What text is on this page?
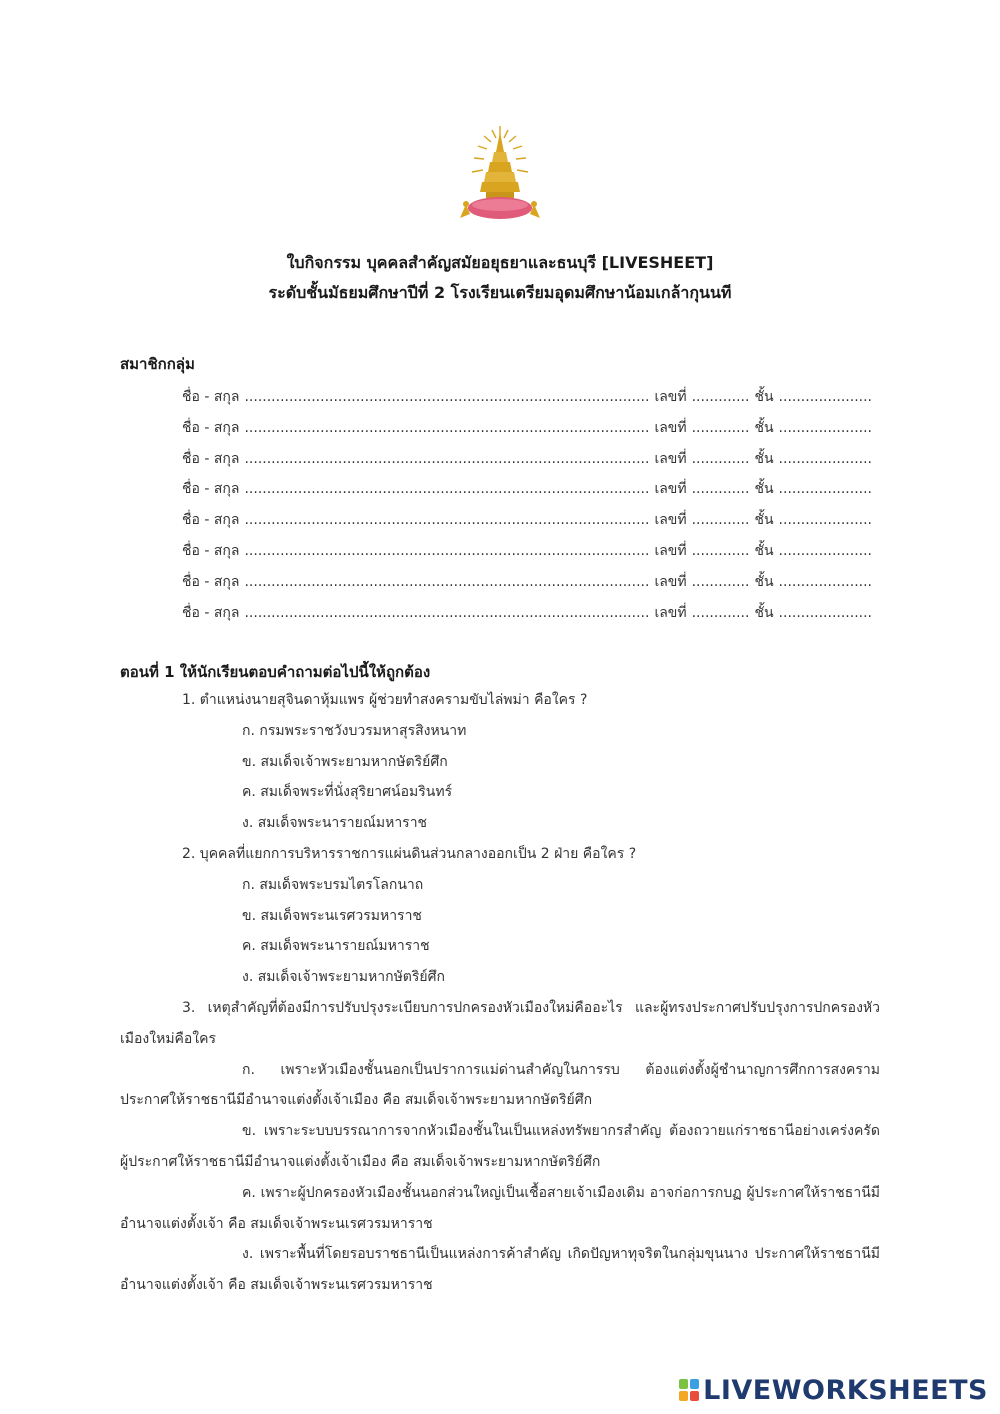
ใบกิจกรรม บุคคลสำคัญสมัยอยุธยาและธนบุรี [LIVESHEET]
ระดับชั้นมัธยมศึกษาปีที่ 2 โรงเรียนเตรียมอุดมศึกษาน้อมเกล้ากุนนที
สมาชิกกลุ่ม
ชื่อ - สกุล ........................................................................................... เลขที่ ............. ชั้น .....................
ชื่อ - สกุล ........................................................................................... เลขที่ ............. ชั้น .....................
ชื่อ - สกุล ........................................................................................... เลขที่ ............. ชั้น .....................
ชื่อ - สกุล ........................................................................................... เลขที่ ............. ชั้น .....................
ชื่อ - สกุล ........................................................................................... เลขที่ ............. ชั้น .....................
ชื่อ - สกุล ........................................................................................... เลขที่ ............. ชั้น .....................
ชื่อ - สกุล ........................................................................................... เลขที่ ............. ชั้น .....................
ชื่อ - สกุล ........................................................................................... เลขที่ ............. ชั้น .....................
ตอนที่ 1 ให้นักเรียนตอบคำถามต่อไปนี้ให้ถูกต้อง
1. ตำแหน่งนายสุจินดาหุ้มแพร ผู้ช่วยทำสงครามขับไล่พม่า คือใคร ?
ก. กรมพระราชวังบวรมหาสุรสิงหนาท
ข. สมเด็จเจ้าพระยามหากษัตริย์ศึก
ค. สมเด็จพระที่นั่งสุริยาศน์อมรินทร์
ง. สมเด็จพระนารายณ์มหาราช
2. บุคคลที่แยกการบริหารราชการแผ่นดินส่วนกลางออกเป็น 2 ฝ่าย คือใคร ?
ก. สมเด็จพระบรมไตรโลกนาถ
ข. สมเด็จพระนเรศวรมหาราช
ค. สมเด็จพระนารายณ์มหาราช
ง. สมเด็จเจ้าพระยามหากษัตริย์ศึก
3. เหตุสำคัญที่ต้องมีการปรับปรุงระเบียบการปกครองหัวเมืองใหม่คืออะไร และผู้ทรงประกาศปรับปรุงการปกครองหัวเมืองใหม่คือใคร
ก. เพราะหัวเมืองชั้นนอกเป็นปราการแม่ด่านสำคัญในการรบ ต้องแต่งตั้งผู้ชำนาญการศึกการสงครามประกาศให้ราชธานีมีอำนาจแต่งตั้งเจ้าเมือง คือ สมเด็จเจ้าพระยามหากษัตริย์ศึก
ข. เพราะระบบบรรณาการจากหัวเมืองชั้นในเป็นแหล่งทรัพยากรสำคัญ ต้องถวายแก่ราชธานีอย่างเคร่งครัด ผู้ประกาศให้ราชธานีมีอำนาจแต่งตั้งเจ้าเมือง คือ สมเด็จเจ้าพระยามหากษัตริย์ศึก
ค. เพราะผู้ปกครองหัวเมืองชั้นนอกส่วนใหญ่เป็นเชื้อสายเจ้าเมืองเดิม อาจก่อการกบฏ ผู้ประกาศให้ราชธานีมีอำนาจแต่งตั้งเจ้า คือ สมเด็จเจ้าพระนเรศวรมหาราช
ง. เพราะพื้นที่โดยรอบราชธานีเป็นแหล่งการค้าสำคัญ เกิดปัญหาทุจริตในกลุ่มขุนนาง ประกาศให้ราชธานีมีอำนาจแต่งตั้งเจ้า คือ สมเด็จเจ้าพระนเรศวรมหาราช
LIVEWORKSHEETS
